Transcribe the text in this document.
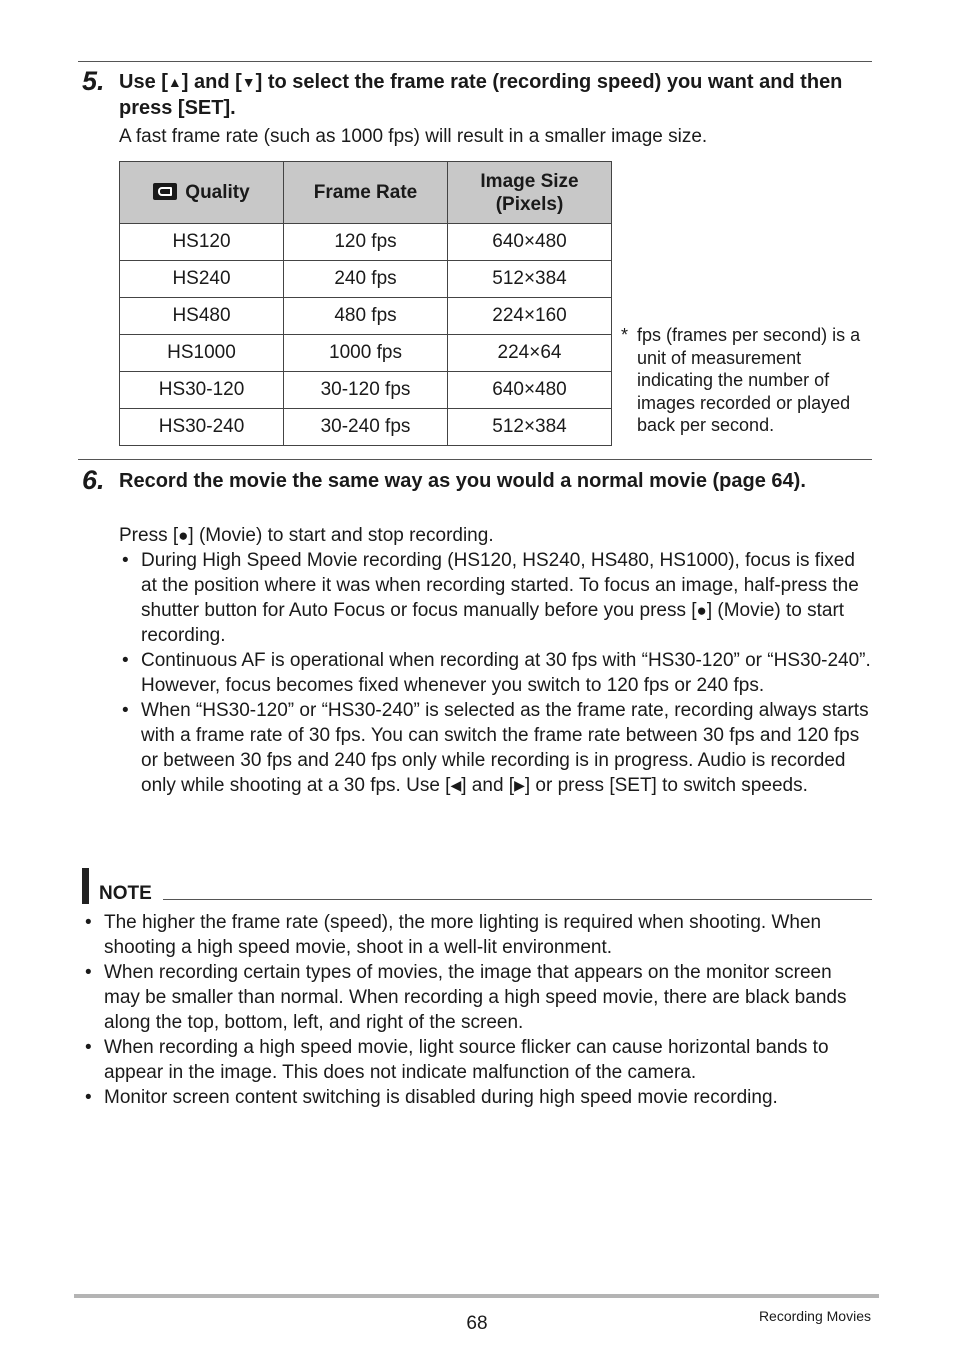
5. Use [▲] and [▼] to select the frame rate (recording speed) you want and then press [SET].
A fast frame rate (such as 1000 fps) will result in a smaller image size.
Quality	Frame Rate	Image Size
(Pixels)
HS120	120 fps	640×480
HS240	240 fps	512×384
HS480	480 fps	224×160
HS1000	1000 fps	224×64
HS30-120	30-120 fps	640×480
HS30-240	30-240 fps	512×384
* fps (frames per second) is a unit of measurement indicating the number of images recorded or played back per second.
6. Record the movie the same way as you would a normal movie (page 64).
Press [●] (Movie) to start and stop recording.
• During High Speed Movie recording (HS120, HS240, HS480, HS1000), focus is fixed at the position where it was when recording started. To focus an image, half-press the shutter button for Auto Focus or focus manually before you press [●] (Movie) to start recording.
• Continuous AF is operational when recording at 30 fps with “HS30-120” or “HS30-240”. However, focus becomes fixed whenever you switch to 120 fps or 240 fps.
• When “HS30-120” or “HS30-240” is selected as the frame rate, recording always starts with a frame rate of 30 fps. You can switch the frame rate between 30 fps and 120 fps or between 30 fps and 240 fps only while recording is in progress. Audio is recorded only while shooting at a 30 fps. Use [◀] and [▶] or press [SET] to switch speeds.
NOTE
• The higher the frame rate (speed), the more lighting is required when shooting. When shooting a high speed movie, shoot in a well-lit environment.
• When recording certain types of movies, the image that appears on the monitor screen may be smaller than normal. When recording a high speed movie, there are black bands along the top, bottom, left, and right of the screen.
• When recording a high speed movie, light source flicker can cause horizontal bands to appear in the image. This does not indicate malfunction of the camera.
• Monitor screen content switching is disabled during high speed movie recording.
68	Recording Movies
